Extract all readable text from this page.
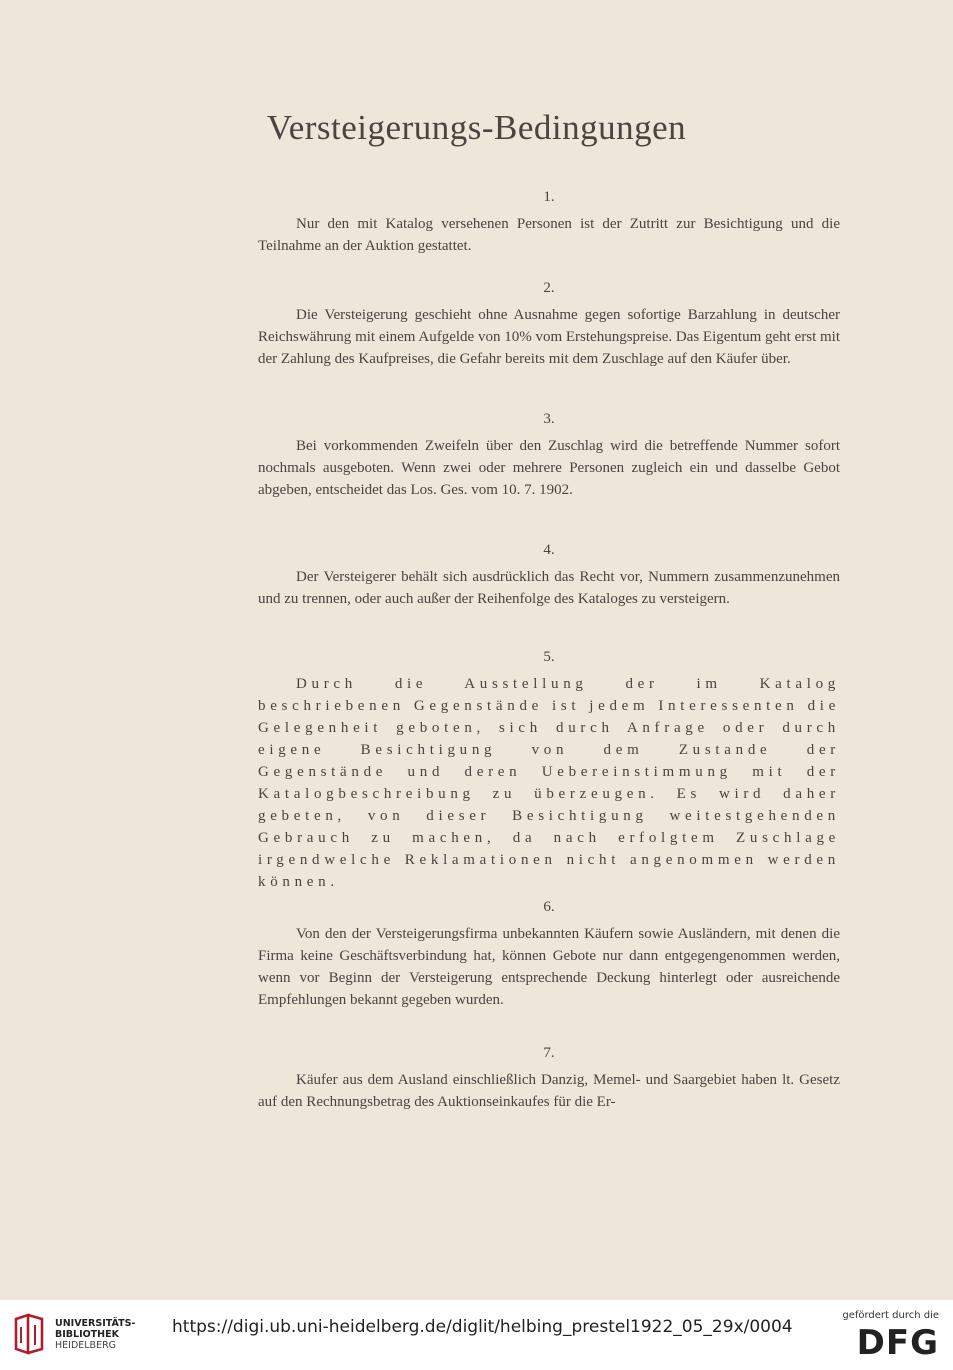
Versteigerungs-Bedingungen
1.

Nur den mit Katalog versehenen Personen ist der Zutritt zur Besichtigung und die Teilnahme an der Auktion gestattet.

2.

Die Versteigerung geschieht ohne Ausnahme gegen sofortige Barzahlung in deutscher Reichswährung mit einem Aufgelde von 10% vom Erstehungspreise. Das Eigentum geht erst mit der Zahlung des Kaufpreises, die Gefahr bereits mit dem Zuschlage auf den Käufer über.

3.

Bei vorkommenden Zweifeln über den Zuschlag wird die betreffende Nummer sofort nochmals ausgeboten. Wenn zwei oder mehrere Personen zugleich ein und dasselbe Gebot abgeben, entscheidet das Los. Ges. vom 10. 7. 1902.

4.

Der Versteigerer behält sich ausdrücklich das Recht vor, Nummern zusammenzunehmen und zu trennen, oder auch außer der Reihenfolge des Kataloges zu versteigern.

5.

Durch die Ausstellung der im Katalog beschriebenen Gegenstände ist jedem Interessenten die Gelegenheit geboten, sich durch Anfrage oder durch eigene Besichtigung von dem Zustande der Gegenstände und deren Uebereinstimmung mit der Katalogbeschreibung zu überzeugen. Es wird daher gebeten, von dieser Besichtigung weitestgehenden Gebrauch zu machen, da nach erfolgtem Zuschlage irgendwelche Reklamationen nicht angenommen werden können.

6.

Von den der Versteigerungsfirma unbekannten Käufern sowie Ausländern, mit denen die Firma keine Geschäftsverbindung hat, können Gebote nur dann entgegengenommen werden, wenn vor Beginn der Versteigerung entsprechende Deckung hinterlegt oder ausreichende Empfehlungen bekannt gegeben wurden.

7.

Käufer aus dem Ausland einschließlich Danzig, Memel- und Saargebiet haben lt. Gesetz auf den Rechnungsbetrag des Auktionseinkaufes für die Er-

UNIVERSITÄTS-
BIBLIOTHEK
HEIDELBERG
https://digi.ub.uni-heidelberg.de/diglit/helbing_prestel1922_05_29x/0004
gefördert durch die
DFG
